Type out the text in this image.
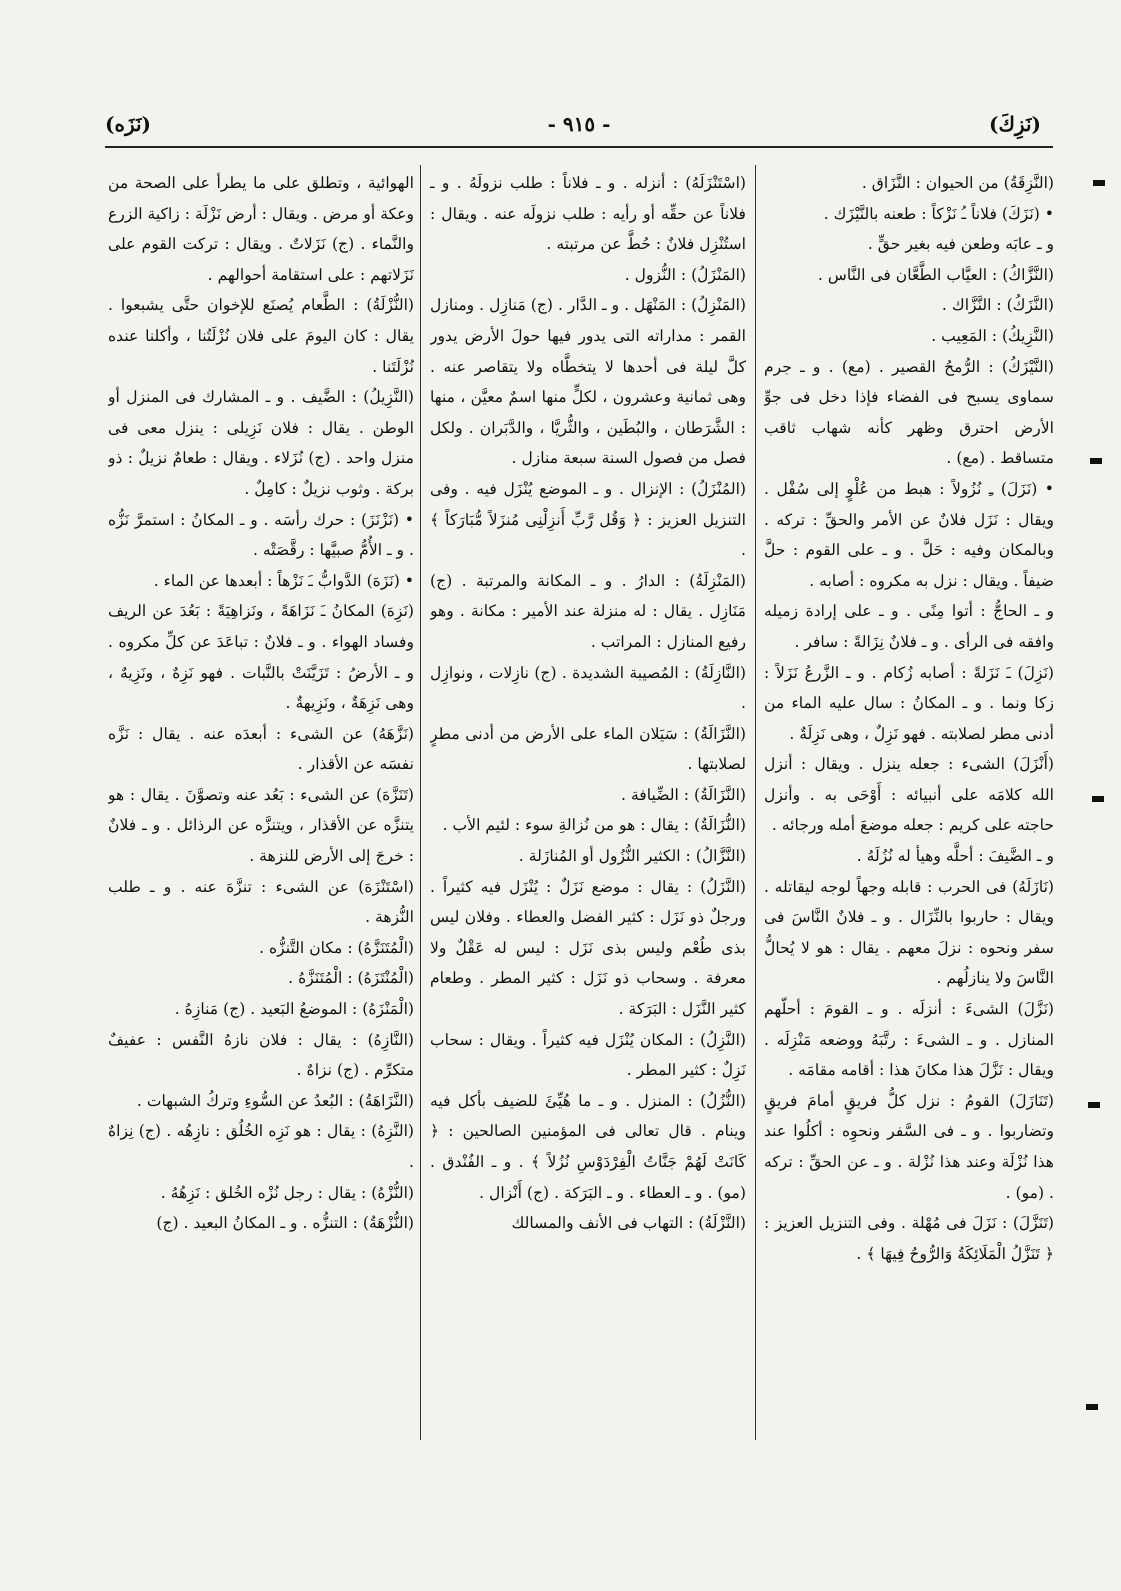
(نَزِكَ)
- ٩١٥ -
(نَزَه)

(النَّزِقَةُ) من الحيوان : النَّزَاق .

• (نَزَكَ) فلاناً ـُ نَزْكاً : طعنه بالنَّيْزَك .

و ـ عابَه وطعن فيه بغير حقٍّ .

(النَّزَّاكُ) : العيَّاب الطَّعَّان فى النَّاس .

(النَّزَكُ) : النَّزَّاك .

(النَّزِيكُ) : المَعِيب .

(النَّيْزَكُ) : الرُّمحُ القصير . (مع) . و ـ جرم سماوى يسبح فى الفضاء فإذا دخل فى جوِّ الأرض احترق وظهر كأنه شهاب ثاقب متساقط . (مع) .

• (نَزَلَ) ـِ نُزُولاً : هبط من عُلْوٍ إلى سُفْل . ويقال : نَزَل فلانٌ عن الأمر والحقِّ : تركه . وبالمكان وفيه : حَلَّ . و ـ على القوم : حلَّ ضيفاً . ويقال : نزل به مكروه : أصابه .

و ـ الحاجُّ : أتوا مِنًى . و ـ على إرادة زميله وافقه فى الرأى . و ـ فلانٌ نِزَالةً : سافر .

(نَزِلَ) ـَ نَزَلةً : أصابه زُكام . و ـ الزَّرعُ نَزَلاً : زكا ونما . و ـ المكانُ : سال عليه الماء من أدنى مطر لصلابته . فهو نَزِلٌ ، وهى نَزِلَةٌ .

(أَنْزَلَ) الشىء : جعله ينزل . ويقال : أنزل الله كلامَه على أنبيائه : أَوْحَى به . وأنزل حاجته على كريم : جعله موضعَ أمله ورجائه .

و ـ الضَّيفَ : أحلَّه وهيأ له نُزُلَهُ .

(نَازَلَهُ) فى الحرب : قابله وجهاً لوجه ليقاتله . ويقال : حاربوا بالنِّزَال . و ـ فلانٌ النَّاسَ فى سفر ونحوه : نزلَ معهم . يقال : هو لا يُحالُّ النَّاسَ ولا ينازلُهم .

(نَزَّلَ) الشىءَ : أنزلَه . و ـ القومَ : أحلّهم المنازل . و ـ الشىءَ : رتَّبَهُ ووضعه مَنْزِلَه . ويقال : نَزَّلَ هذا مكانَ هذا : أقامه مقامَه .

(تَنَازَلَ) القومُ : نزل كلُّ فريقٍ أمامَ فريقٍ وتضاربوا . و ـ فى السَّفر ونحوِه : أكلُوا عند هذا نُزْلَة وعند هذا نُزْلة . و ـ عن الحقِّ : تركه . (مو) .

(تَنَزَّلَ) : نَزَلَ فى مُهْلة . وفى التنزيل العزيز : ﴿ تَنَزَّلُ الْمَلَائِكَةُ وَالرُّوحُ فِيهَا ﴾ .

(اسْتَنْزَلَهُ) : أنزله . و ـ فلاناً : طلب نزولَهُ . و ـ فلاناً عن حقِّه أو رأيه : طلب نزولَه عنه . ويقال : استُنْزِل فلانٌ : حُطَّ عن مرتبته .

(المَنْزَلُ) : النُّزول .

(المَنْزِلُ) : المَنْهَل . و ـ الدَّار . (ج) مَنازِل . ومنازل القمر : مداراته التى يدور فيها حولَ الأرض يدور كلَّ ليلة فى أحدها لا يتخطَّاه ولا يتقاصر عنه . وهى ثمانية وعشرون ، لكلٍّ منها اسمٌ معيَّن ، منها : الشَّرَطان ، والبُطَين ، والثُّريَّا ، والدَّبَران . ولكل فصل من فصول السنة سبعة منازل .

(المُنْزَلُ) : الإنزال . و ـ الموضع يُنْزَل فيه . وفى التنزيل العزيز : ﴿ وَقُل رَّبِّ أَنزِلْنِى مُنزَلاً مُّبَارَكاً ﴾ .

(المَنْزِلَةُ) : الدارُ . و ـ المكانة والمرتبة . (ج) مَنَازِل . يقال : له منزلة عند الأمير : مكانة . وهو رفيع المنازل : المراتب .

(النَّازِلَةُ) : المُصيبة الشديدة . (ج) نازِلات ، ونوازِل .

(النَّزَالَةُ) : سَيَلان الماء على الأرض من أدنى مطرٍ لصلابتها .

(النَّزَالَةُ) : الضِّيافة .

(النُّزَالَةُ) : يقال : هو من نُزالةِ سوء : لئيم الأب .

(النَّزَّالُ) : الكثير النُّزُول أو المُنازَلة .

(النَّزَلُ) : يقال : موضع نَزَلٌ : يُنْزَل فيه كثيراً . ورجلٌ ذو نَزَل : كثير الفضل والعطاء . وفلان ليس بذى طُعْم وليس بذى نَزَل : ليس له عَقْلٌ ولا معرفة . وسحاب ذو نَزَل : كثير المطر . وطعام كثير النَّزَل : البَرَكة .

(النَّزِلُ) : المكان يُنْزَل فيه كثيراً . ويقال : سحاب نَزِلٌ : كثير المطر .

(النُّزُلُ) : المنزل . و ـ ما هُيِّئَ للضيف بأكل فيه وينام . قال تعالى فى المؤمنين الصالحين : ﴿ كَانَتْ لَهُمْ جَنَّاتُ الْفِرْدَوْسِ نُزُلاً ﴾ . و ـ الفُنْدق . (مو) . و ـ العطاء . و ـ البَرَكة . (ج) أَنْزال .

(النَّزْلَةُ) : التهاب فى الأنف والمسالك

الهوائية ، وتطلق على ما يطرأ على الصحة من وعكة أو مرض . ويقال : أرض نَزْلَة : زاكية الزرع والنَّماء . (ج) نَزَلاتٌ . ويقال : تركت القوم على نَزَلاتهم : على استقامة أحوالهم .

(النُّزْلَةُ) : الطَّعام يُصنَع للإخوان حتَّى يشبعوا . يقال : كان اليومَ على فلان نُزْلَتُنا ، وأكلنا عنده نُزْلَتَنا .

(النَّزِيلُ) : الضَّيف . و ـ المشارك فى المنزل أو الوطن . يقال : فلان نَزِيلى : ينزل معى فى منزل واحد . (ج) نُزَلاء . ويقال : طعامٌ نزيلٌ : ذو بركة . وثوب نزيلٌ : كامِلٌ .

• (نَزْنَزَ) : حرك رأسَه . و ـ المكانُ : استمرَّ نَزُّه . و ـ الأُمُّ صبيَّها : رقَّصَتْه .

• (نَزَهَ) الدَّوابُّ ـَ نَزْهاً : أبعدها عن الماء .

(نَزِهَ) المكانُ ـَ نَزَاهَةً ، ونَزاهِيَةً : بَعُدَ عن الريف وفساد الهواء . و ـ فلانٌ : تباعَدَ عن كلِّ مكروه . و ـ الأرضُ : تَزَيَّنَتْ بالنَّبات . فهو نَزِهٌ ، ونَزِيهٌ ، وهى نَزِهَةٌ ، ونَزِيهةٌ .

(نَزَّهَهُ) عن الشىء : أبعدَه عنه . يقال : نَزَّه نفسَه عن الأقذار .

(تَنَزَّهَ) عن الشىء : بَعُد عنه وتصوَّنَ . يقال : هو يتنزَّه عن الأقذار ، ويتنزَّه عن الرذائل . و ـ فلانٌ : خرجَ إلى الأرض للنزهة .

(اسْتَنْزَهَ) عن الشىء : تنزَّهَ عنه . و ـ طلب النُّزهة .

(الْمُتَنَزَّهُ) : مكان التَّنزُّه .

(الْمُنْتَزَهُ) : الْمُتَنَزَّهُ .

(الْمَنْزَهُ) : الموضعُ البَعيد . (ج) مَنازِهُ .

(النَّازِهُ) : يقال : فلان نازهُ النَّفس : عفيفٌ متكرِّم . (ج) نزاهٌ .

(النَّزَاهَةُ) : البُعدُ عن السُّوءِ وتركُ الشبهات .

(النَّزِهُ) : يقال : هو نَزِه الخُلُق : نازِهُه . (ج) نِزاهٌ .

(النُّزْهُ) : يقال : رجل نُزْه الخُلق : نَزِهُهُ .

(النُّزْهَةُ) : التنزُّه . و ـ المكانُ البعيد . (ج)
